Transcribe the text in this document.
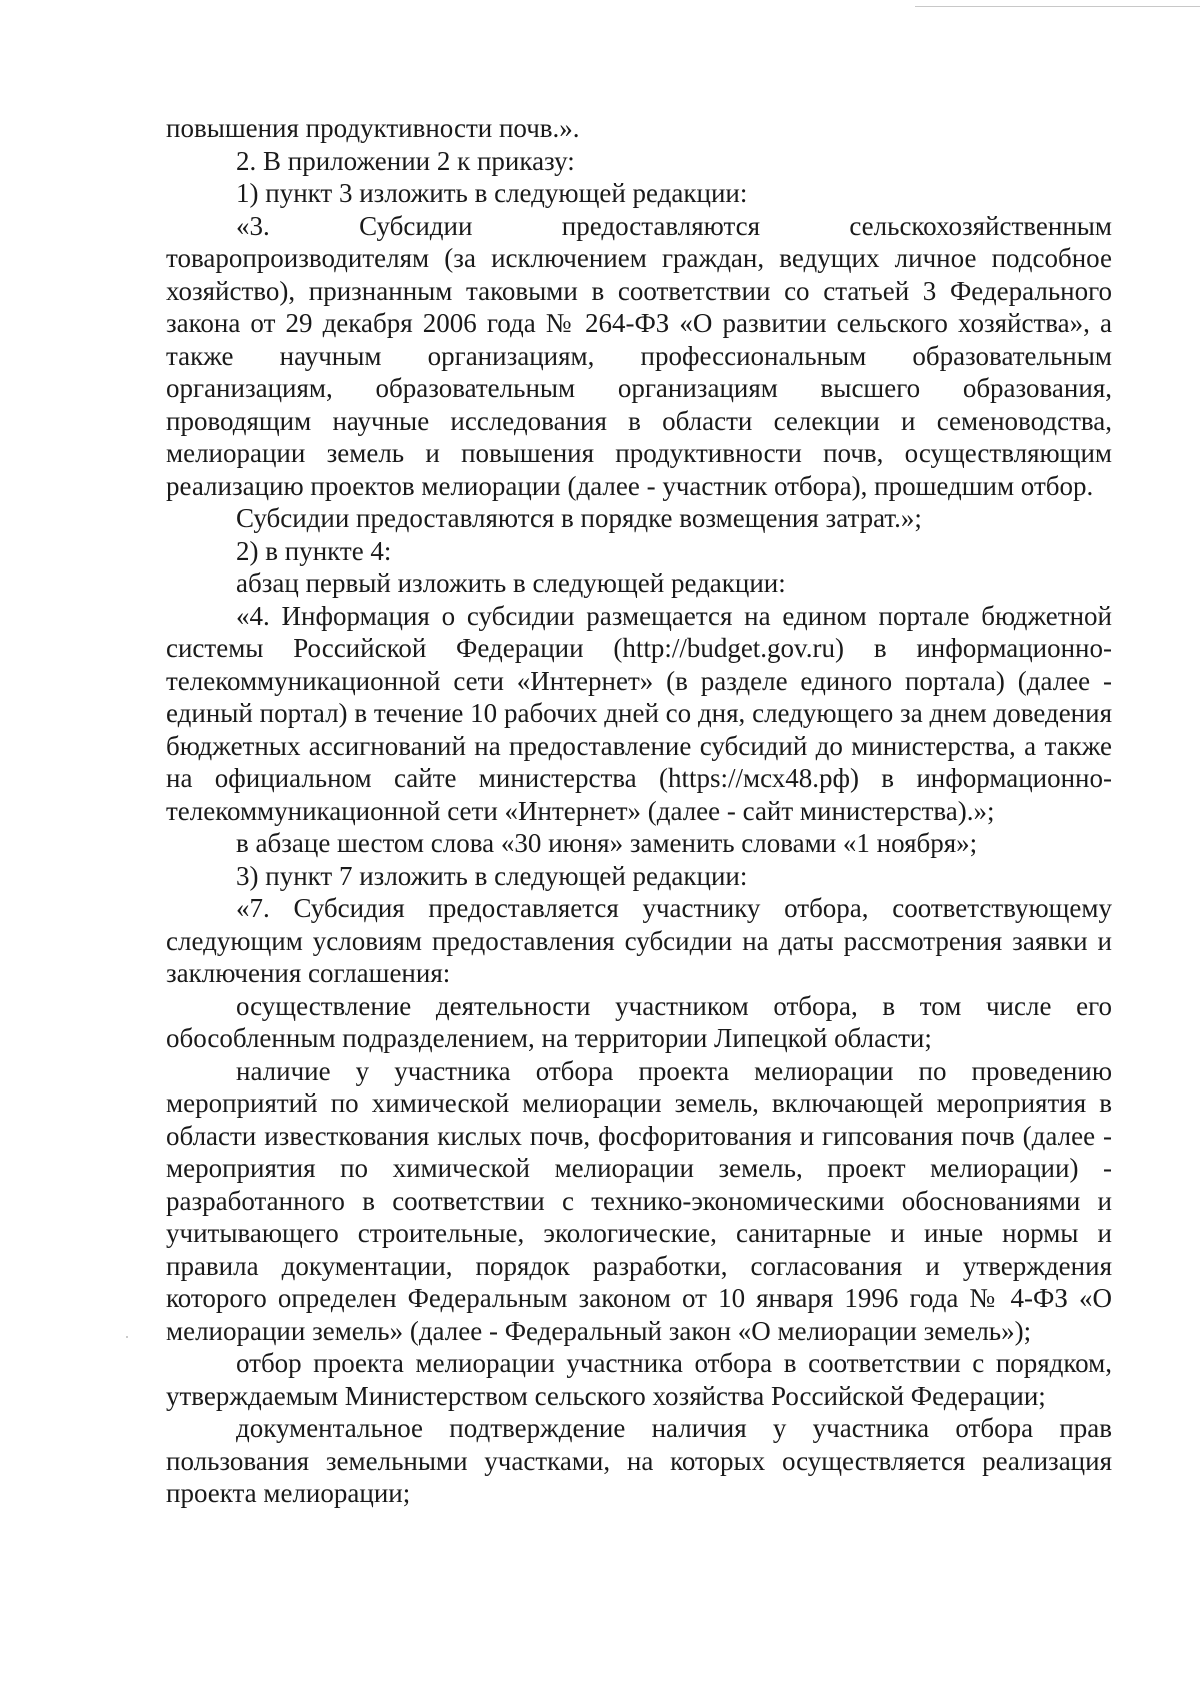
повышения продуктивности почв.».

2. В приложении 2 к приказу:

1) пункт 3 изложить в следующей редакции:

«3. Субсидии предоставляются сельскохозяйственным товаропроизводителям (за исключением граждан, ведущих личное подсобное хозяйство), признанным таковыми в соответствии со статьей 3 Федерального закона от 29 декабря 2006 года № 264-ФЗ «О развитии сельского хозяйства», а также научным организациям, профессиональным образовательным организациям, образовательным организациям высшего образования, проводящим научные исследования в области селекции и семеноводства, мелиорации земель и повышения продуктивности почв, осуществляющим реализацию проектов мелиорации (далее - участник отбора), прошедшим отбор.

Субсидии предоставляются в порядке возмещения затрат.»;

2) в пункте 4:

абзац первый изложить в следующей редакции:

«4. Информация о субсидии размещается на едином портале бюджетной системы Российской Федерации (http://budget.gov.ru) в информационно-телекоммуникационной сети «Интернет» (в разделе единого портала) (далее - единый портал) в течение 10 рабочих дней со дня, следующего за днем доведения бюджетных ассигнований на предоставление субсидий до министерства, а также на официальном сайте министерства (https://мсх48.рф) в информационно-телекоммуникационной сети «Интернет» (далее - сайт министерства).»;

в абзаце шестом слова «30 июня» заменить словами «1 ноября»;

3) пункт 7 изложить в следующей редакции:

«7. Субсидия предоставляется участнику отбора, соответствующему следующим условиям предоставления субсидии на даты рассмотрения заявки и заключения соглашения:

осуществление деятельности участником отбора, в том числе его обособленным подразделением, на территории Липецкой области;

наличие у участника отбора проекта мелиорации по проведению мероприятий по химической мелиорации земель, включающей мероприятия в области известкования кислых почв, фосфоритования и гипсования почв (далее - мероприятия по химической мелиорации земель, проект мелиорации) - разработанного в соответствии с технико-экономическими обоснованиями и учитывающего строительные, экологические, санитарные и иные нормы и правила документации, порядок разработки, согласования и утверждения которого определен Федеральным законом от 10 января 1996 года № 4-ФЗ «О мелиорации земель» (далее - Федеральный закон «О мелиорации земель»);

отбор проекта мелиорации участника отбора в соответствии с порядком, утверждаемым Министерством сельского хозяйства Российской Федерации;

документальное подтверждение наличия у участника отбора прав пользования земельными участками, на которых осуществляется реализация проекта мелиорации;
